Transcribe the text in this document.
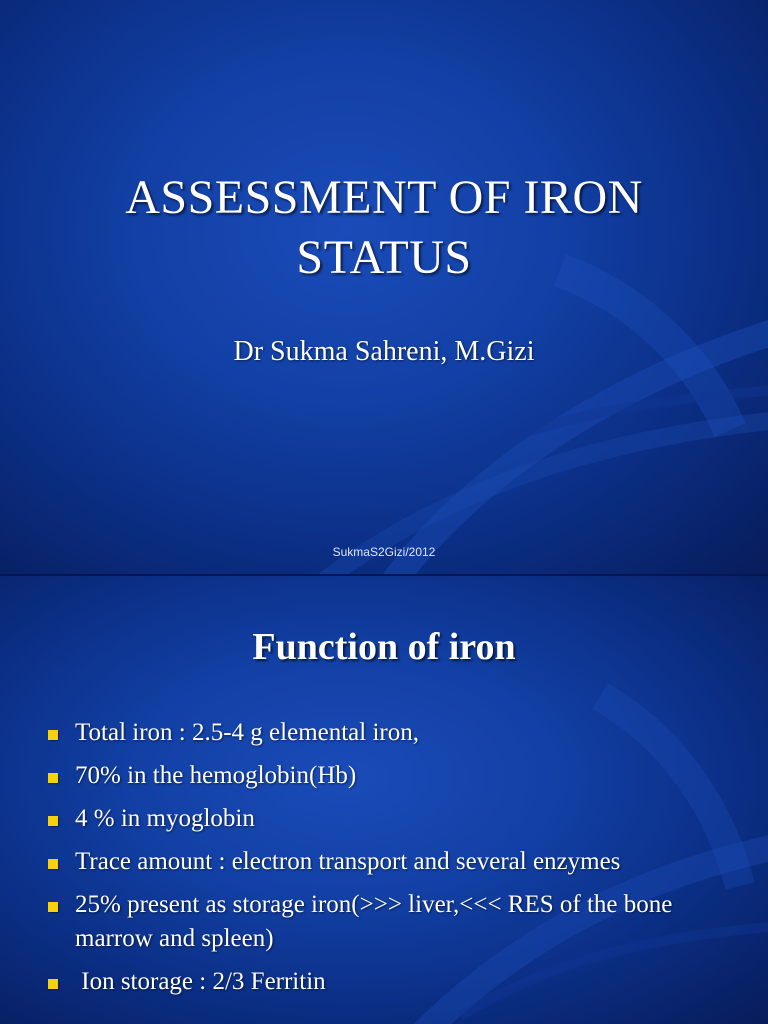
ASSESSMENT OF IRON STATUS
Dr Sukma Sahreni, M.Gizi
SukmaS2Gizi/2012
Function of iron
Total iron : 2.5-4 g elemental iron,
70% in the hemoglobin(Hb)
4 % in myoglobin
Trace amount : electron transport and several enzymes
25% present as storage iron(>>> liver,<<< RES of the bone marrow and spleen)
Ion storage : 2/3 Ferritin
